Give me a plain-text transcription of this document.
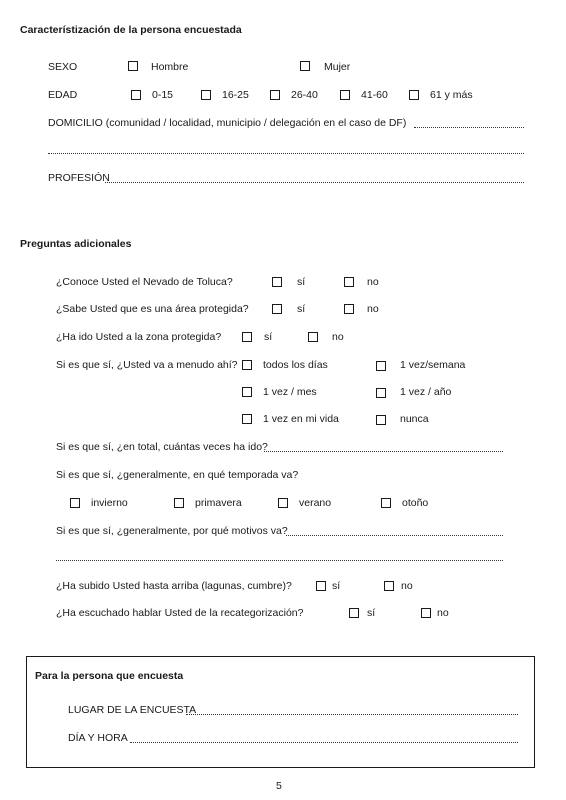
Característización de la persona encuestada
SEXO	Hombre	Mujer
EDAD	0-15	16-25	26-40	41-60	61 y más
DOMICILIO (comunidad / localidad, municipio / delegación en el caso de DF)
PROFESIÓN
Preguntas adicionales
¿Conoce Usted el Nevado de Toluca?	sí	no
¿Sabe Usted que es una área protegida?	sí	no
¿Ha ido Usted a la zona protegida?	sí	no
Si es que sí, ¿Usted va a menudo ahí? todos los días	1 vez/semana
1 vez / mes	1 vez / año
1 vez en mi vida	nunca
Si es que sí, ¿en total, cuántas veces ha ido?
Si es que sí, ¿generalmente, en qué temporada va?
invierno	primavera	verano	otoño
Si es que sí, ¿generalmente, por qué motivos va?
¿Ha subido Usted hasta arriba (lagunas, cumbre)?	sí	no
¿Ha escuchado hablar Usted de la recategorización?	sí	no
Para la persona que encuesta
LUGAR DE LA ENCUESTA
DÍA Y HORA
5
